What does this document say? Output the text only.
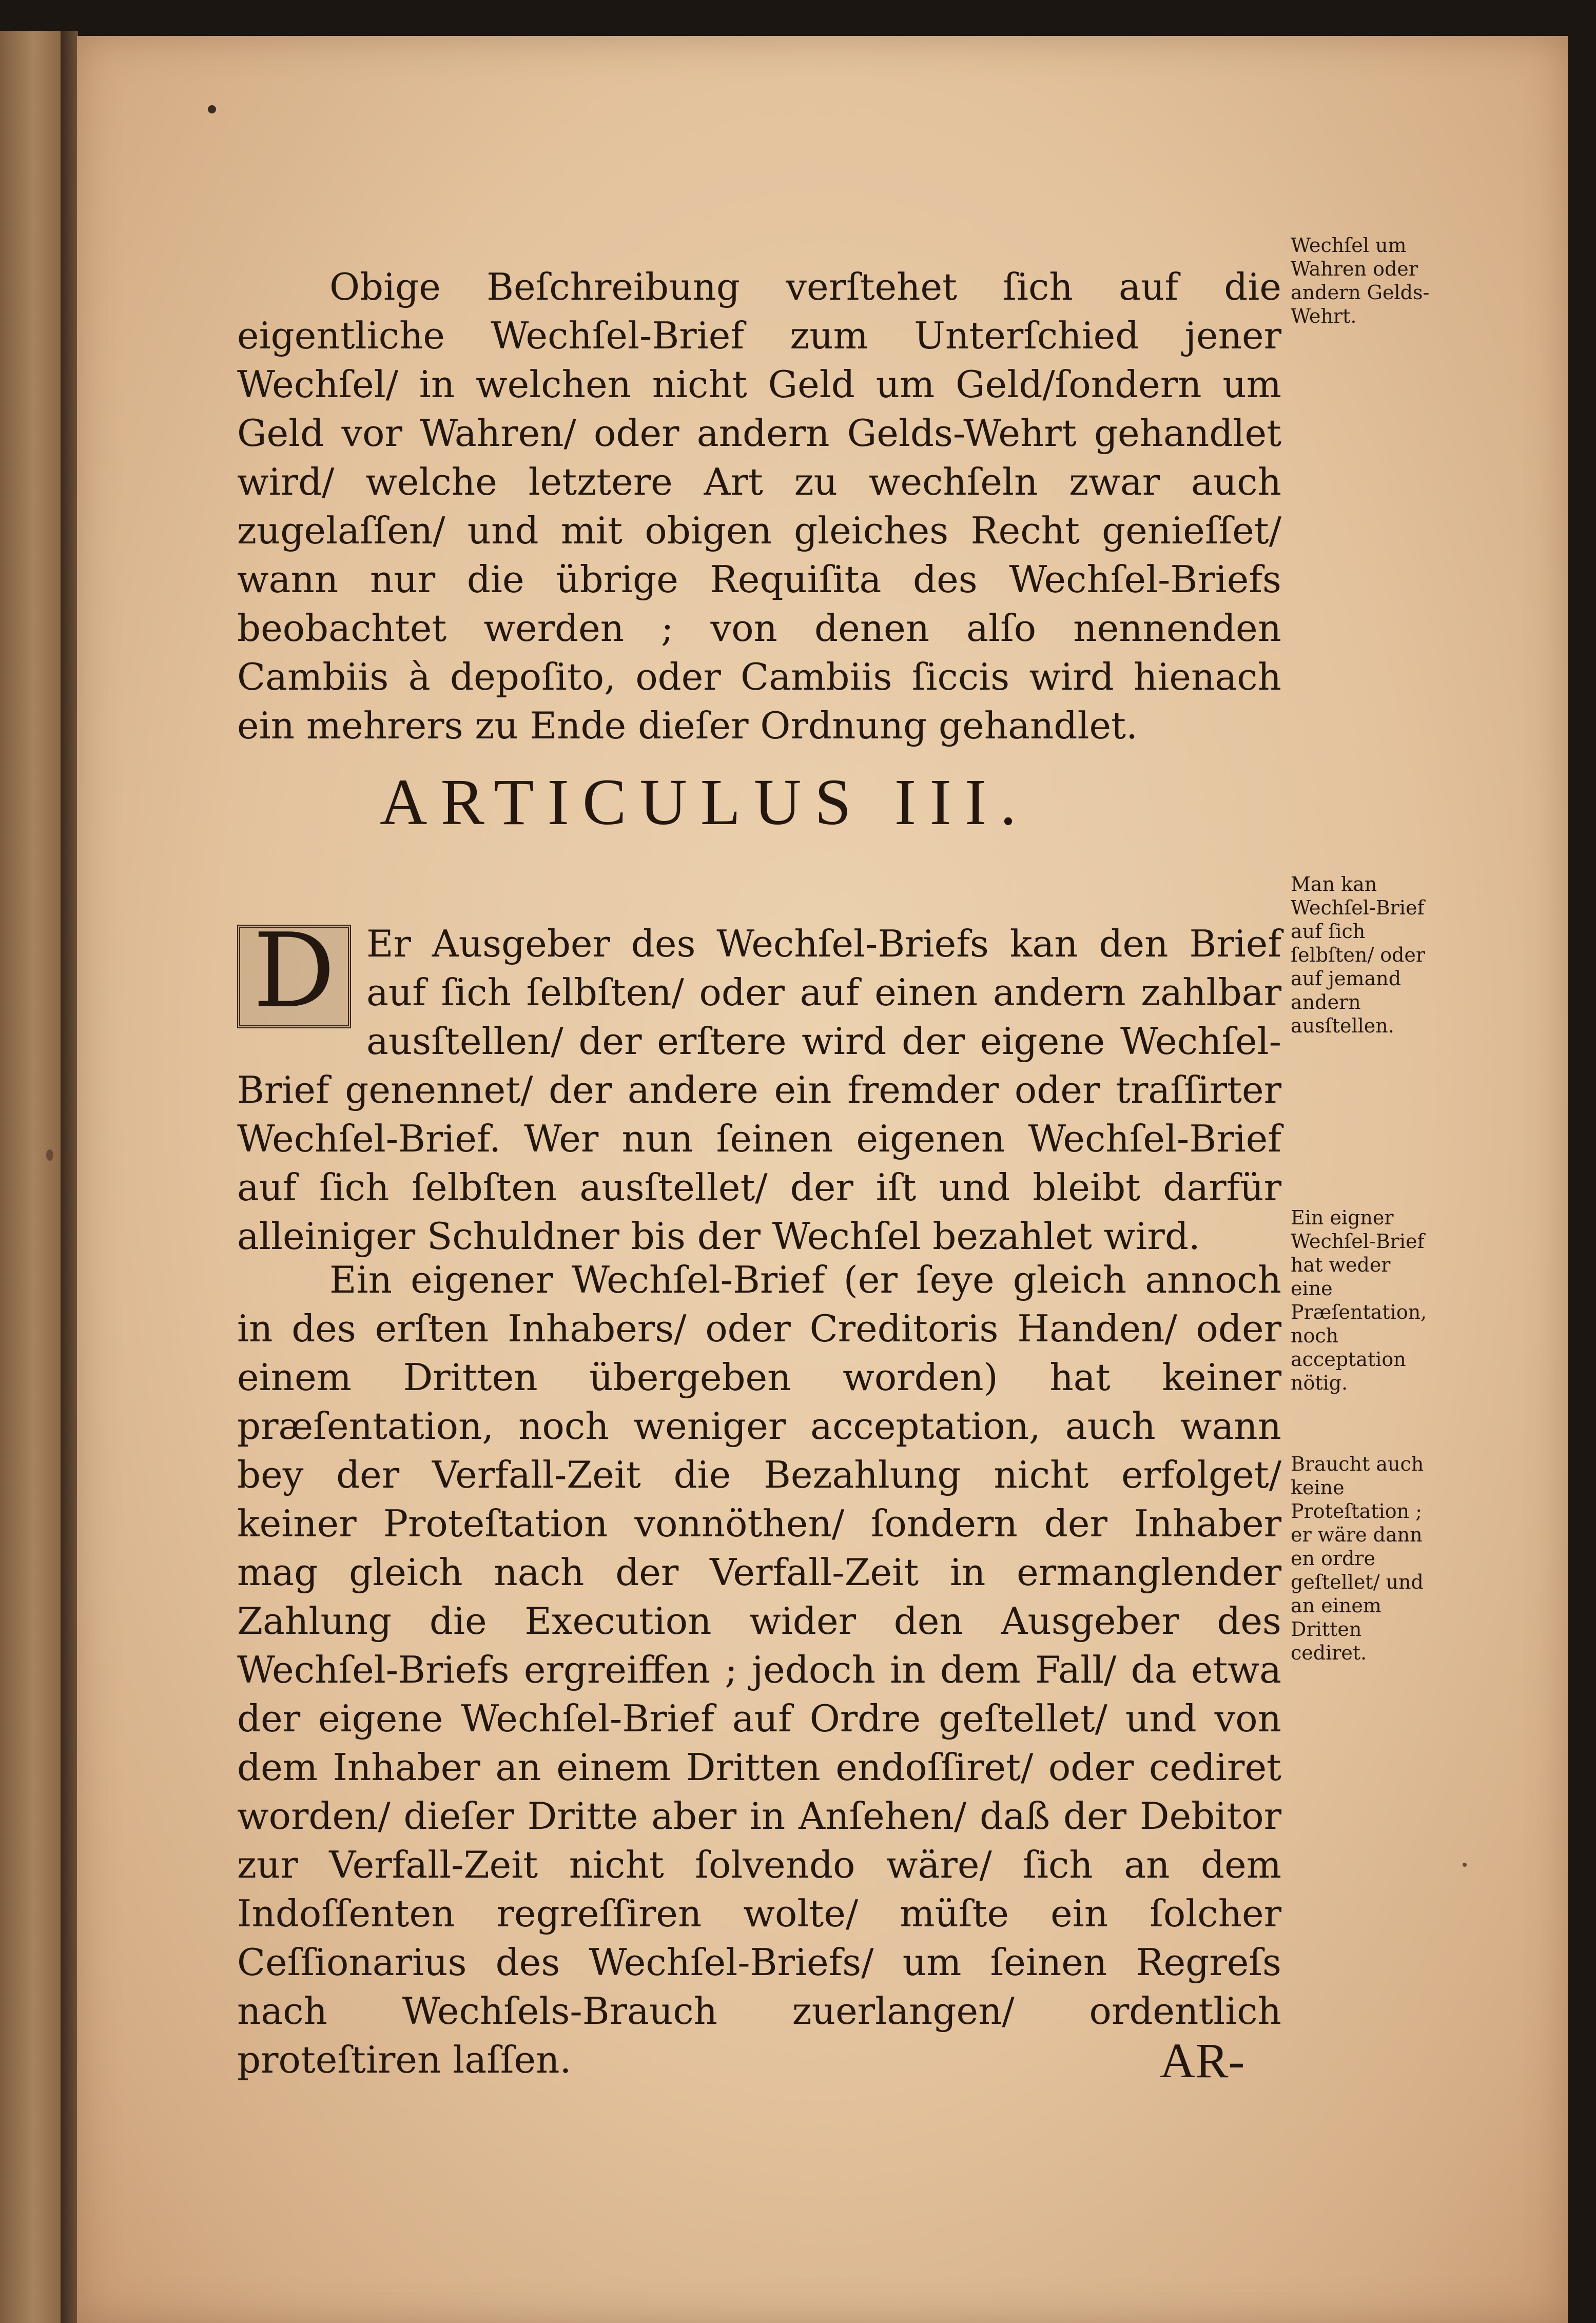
Obige Beſchreibung verſtehet ſich auf die eigentliche Wechſel-Brief zum Unterſchied jener Wechſel/ in welchen nicht Geld um Geld/ſondern um Geld vor Wahren/ oder andern Gelds-Wehrt gehandlet wird/ welche letztere Art zu wechſeln zwar auch zugelaſſen/ und mit obigen gleiches Recht genieſſet/ wann nur die übrige Requiſita des Wechſel-Briefs beobachtet werden ; von denen alſo nennenden Cambiis à depoſito, oder Cambiis ſiccis wird hienach ein mehrers zu Ende dieſer Ordnung gehandlet.

ARTICULUS III.

D Er Ausgeber des Wechſel-Briefs kan den Brief auf ſich ſelbſten/ oder auf einen andern zahlbar ausſtellen/ der erſtere wird der eigene Wechſel-Brief genennet/ der andere ein fremder oder traſſirter Wechſel-Brief. Wer nun ſeinen eigenen Wechſel-Brief auf ſich ſelbſten ausſtellet/ der iſt und bleibt darfür alleiniger Schuldner bis der Wechſel bezahlet wird.

Ein eigener Wechſel-Brief (er ſeye gleich annoch in des erſten Inhabers/ oder Creditoris Handen/ oder einem Dritten übergeben worden) hat keiner præſentation, noch weniger acceptation, auch wann bey der Verfall-Zeit die Bezahlung nicht erfolget/ keiner Proteſtation vonnöthen/ ſondern der Inhaber mag gleich nach der Verfall-Zeit in ermanglender Zahlung die Execution wider den Ausgeber des Wechſel-Briefs ergreiffen ; jedoch in dem Fall/ da etwa der eigene Wechſel-Brief auf Ordre geſtellet/ und von dem Inhaber an einem Dritten endoſſiret/ oder cediret worden/ dieſer Dritte aber in Anſehen/ daß der Debitor zur Verfall-Zeit nicht ſolvendo wäre/ ſich an dem Indoſſenten regreſſiren wolte/ müſte ein ſolcher Ceſſionarius des Wechſel-Briefs/ um ſeinen Regreſs nach Wechſels-Brauch zuerlangen/ ordentlich proteſtiren laſſen.

Wechſel um Wahren oder andern Gelds-Wehrt.
Man kan Wechſel-Brief auf ſich ſelbſten/ oder auf jemand andern ausſtellen.
Ein eigner Wechſel-Brief hat weder eine Præſentation, noch acceptation nötig.
Braucht auch keine Proteſtation ; er wäre dann en ordre geſtellet/ und an einem Dritten cediret.
AR-
